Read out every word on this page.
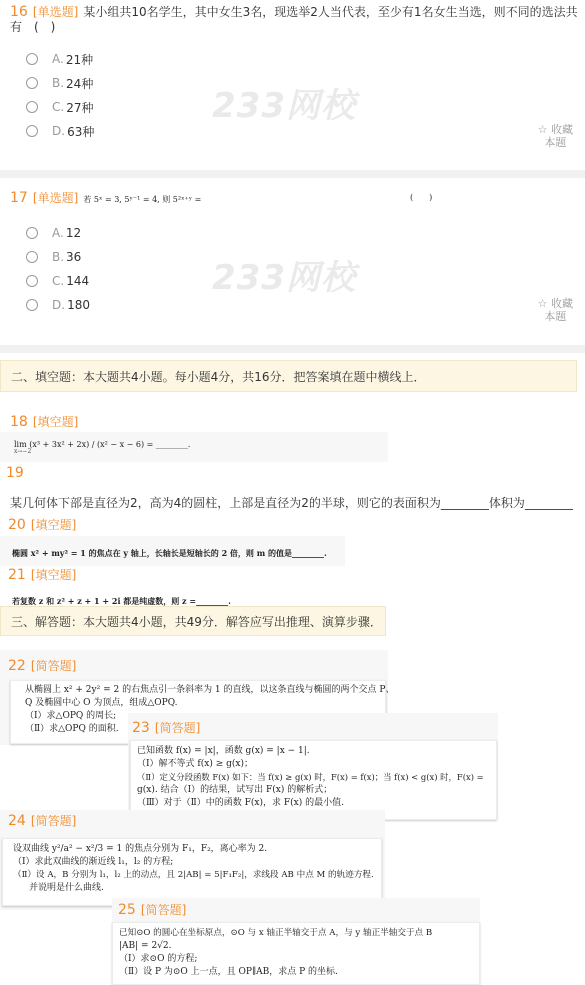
16 [单选题] 某小组共10名学生，其中女生3名，现选举2人当代表，至少有1名女生当选，则不同的选法共
有　(　)
A. 21种
B. 24种
C. 27种
D. 63种
233网校
☆ 收藏
本题
17 [单选题] 若 5ˣ = 3, 5ʸ⁻¹ = 4, 则 5²ˣ⁺ʸ =	(　　)
A. 12
B. 36
C. 144
D. 180
233网校
☆ 收藏
本题
二、填空题：本大题共4小题。每小题4分，共16分．把答案填在题中横线上．
18 [填空题]
lim (x³ + 3x² + 2x) / (x² − x − 6) = ________.
x→−2
19
某几何体下部是直径为2，高为4的圆柱，上部是直径为2的半球，则它的表面积为________体积为________
20 [填空题]
椭圆 x² + my² = 1 的焦点在 y 轴上，长轴长是短轴长的 2 倍，则 m 的值是________.
21 [填空题]
若复数 z 和 z² + z + 1 + 2i 都是纯虚数，则 z =________.
三、解答题：本大题共4小题，共49分．解答应写出推理、演算步骤．
22 [简答题]
从椭圆上 x² + 2y² = 2 的右焦点引一条斜率为 1 的直线，以这条直线与椭圆的两个交点 P、
Q 及椭圆中心 O 为顶点，组成△OPQ.
（Ⅰ）求△OPQ 的周长;
（Ⅱ）求△OPQ 的面积. 23 [简答题]
已知函数 f(x) = |x|，函数 g(x) = |x − 1|.
（Ⅰ）解不等式 f(x) ≥ g(x)；
（Ⅱ）定义分段函数 F(x) 如下：当 f(x) ≥ g(x) 时，F(x) = f(x)；当 f(x) < g(x) 时，F(x) =
g(x). 结合（Ⅰ）的结果，试写出 F(x) 的解析式；
（Ⅲ）对于（Ⅱ）中的函数 F(x)，求 F(x) 的最小值.
24 [简答题]
设双曲线 y²/a² − x²/3 = 1 的焦点分别为 F₁，F₂，离心率为 2.
（Ⅰ）求此双曲线的渐近线 l₁，l₂ 的方程;
（Ⅱ）设 A，B 分别为 l₁，l₂ 上的动点，且 2|AB| = 5|F₁F₂|，求线段 AB 中点 M 的轨迹方程.
并说明是什么曲线.
25 [简答题]
已知⊙O 的圆心在坐标原点，⊙O 与 x 轴正半轴交于点 A，与 y 轴正半轴交于点 B
|AB| = 2√2.
（Ⅰ）求⊙O 的方程;
（Ⅱ）设 P 为⊙O 上一点，且 OP∥AB，求点 P 的坐标.
